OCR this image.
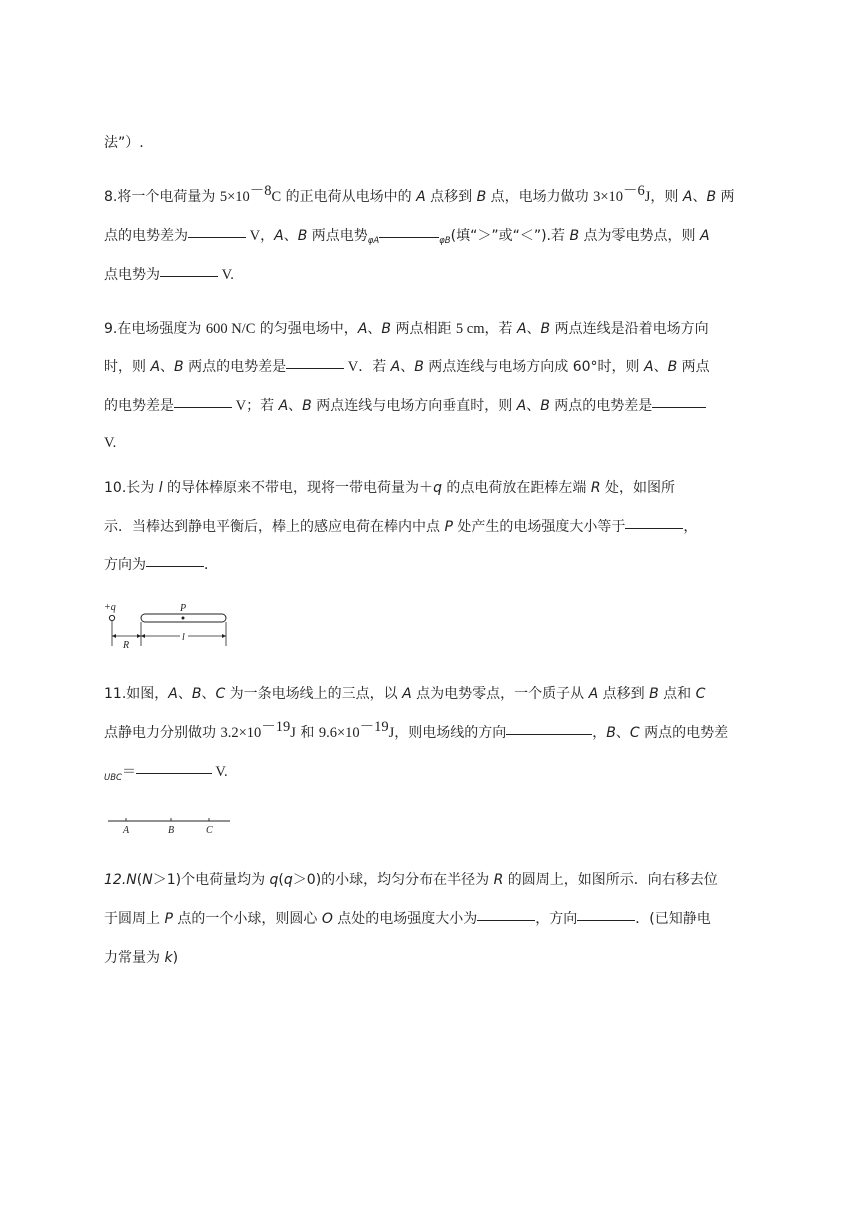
法”）.
8.将一个电荷量为 $5\times 10^{-8}C$ 的正电荷从电场中的 A 点移到 B 点，电场力做功 $3\times 10^{-6}J$，则 A、B 两
点的电势差为	V，A、B 两点电势$_{\varphi A}$	$_{\varphi B}$(填“＞”或“＜”).若 B 点为零电势点，则 A
点电势为	V.
9.在电场强度为 600 N/C 的匀强电场中，A、B 两点相距 5 cm，若 A、B 两点连线是沿着电场方向
时，则 A、B 两点的电势差是	V．若 A、B 两点连线与电场方向成 60°时，则 A、B 两点
的电势差是	V；若 A、B 两点连线与电场方向垂直时，则 A、B 两点的电势差是
V.
10.长为 l 的导体棒原来不带电，现将一带电荷量为＋q 的点电荷放在距棒左端 R 处，如图所
示．当棒达到静电平衡后，棒上的感应电荷在棒内中点 P 处产生的电场强度大小等于	，
方向为	．
+q	P
R
l
11.如图，A、B、C 为一条电场线上的三点，以 A 点为电势零点，一个质子从 A 点移到 B 点和 C
点静电力分别做功 $3.2\times 10^{-19}J$ 和 $9.6\times 10^{-19}J$，则电场线的方向	，B、C 两点的电势差
$_{UBC}$＝	V.
A	B	C
12.N(N＞1)个电荷量均为 q(q＞0)的小球，均匀分布在半径为 R 的圆周上，如图所示．向右移去位
于圆周上 P 点的一个小球，则圆心 O 点处的电场强度大小为	，方向	．(已知静电
力常量为 k)
